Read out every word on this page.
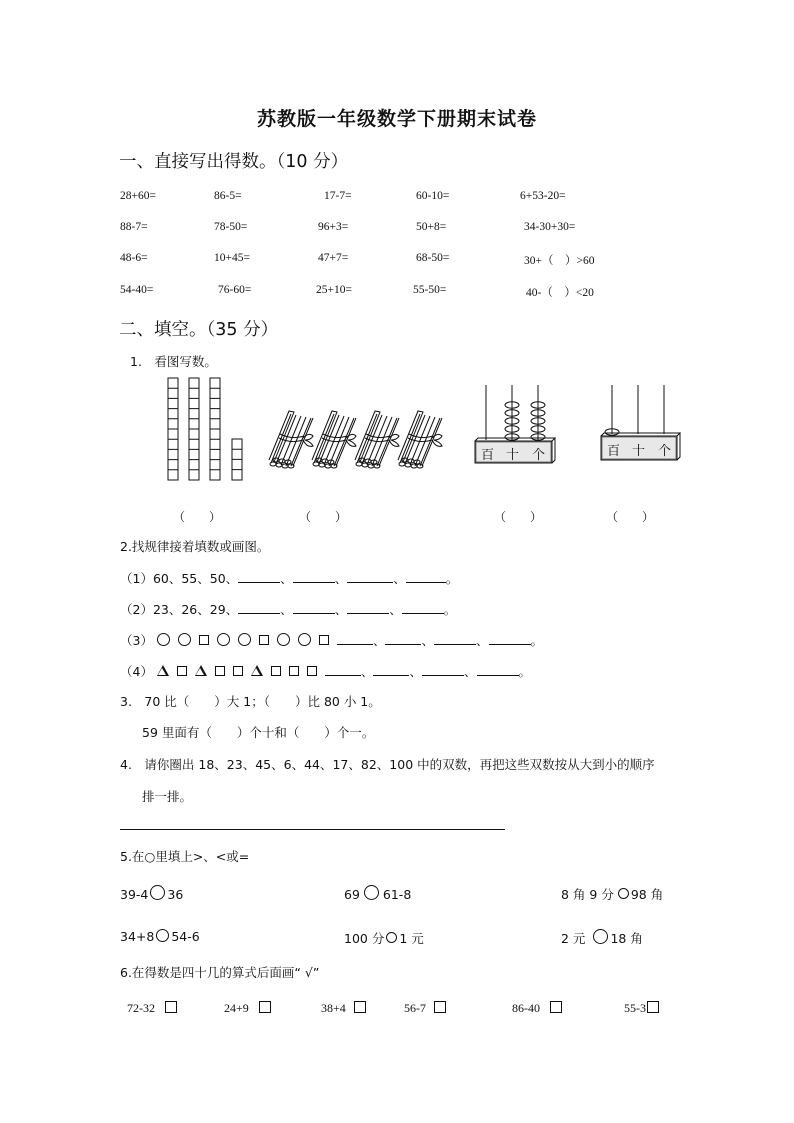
苏教版一年级数学下册期末试卷
一、直接写出得数。（10 分）
28+60=	86-5=	17-7=	60-10=	6+53-20=
88-7=	78-50=	96+3=	50+8=	34-30+30=
48-6=	10+45=	47+7=	68-50=	30+（　）>60
54-40=	76-60=	25+10=	55-50=	40-（　）<20
二、填空。（35 分）
1.　看图写数。
百 十 个	百 十 个
（　　）	（　　）	（　　）	（　　）
2.找规律接着填数或画图。
（1）60、55、50、	、	、	、	。
（2）23、26、29、	、	、	、	。
（3）	、	、	、	。
（4）	、	、	、	。
3.　70 比（　　）大 1；（　　）比 80 小 1。
59 里面有（　　）个十和（　　）个一。
4.　请你圈出 18、23、45、6、44、17、82、100 中的双数，再把这些双数按从大到小的顺序
排一排。
5.在○里填上>、<或=
39-4 36	69 61-8	8 角 9 分 98 角
34+8 54-6	100 分 1 元	2 元 18 角
6.在得数是四十几的算式后面画“ √”
72-32	24+9	38+4	56-7	86-40	55-3
